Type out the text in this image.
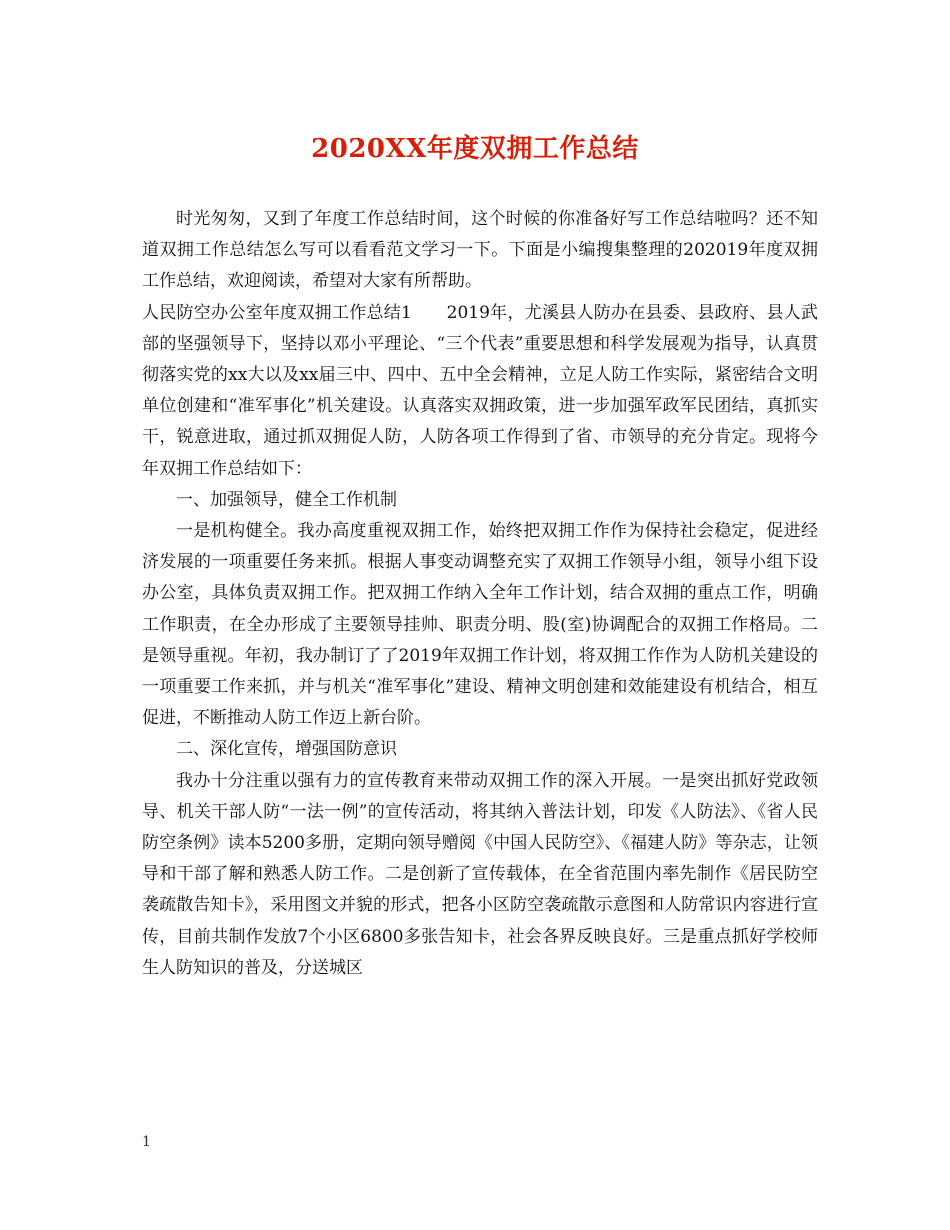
2020XX年度双拥工作总结

时光匆匆，又到了年度工作总结时间，这个时候的你准备好写工作总结啦吗？还不知道双拥工作总结怎么写可以看看范文学习一下。下面是小编搜集整理的202019年度双拥工作总结，欢迎阅读，希望对大家有所帮助。

人民防空办公室年度双拥工作总结1　　2019年，尤溪县人防办在县委、县政府、县人武部的坚强领导下，坚持以邓小平理论、“三个代表”重要思想和科学发展观为指导，认真贯彻落实党的xx大以及xx届三中、四中、五中全会精神，立足人防工作实际，紧密结合文明单位创建和“准军事化”机关建设。认真落实双拥政策，进一步加强军政军民团结，真抓实干，锐意进取，通过抓双拥促人防，人防各项工作得到了省、市领导的充分肯定。现将今年双拥工作总结如下：

一、加强领导，健全工作机制

一是机构健全。我办高度重视双拥工作，始终把双拥工作作为保持社会稳定，促进经济发展的一项重要任务来抓。根据人事变动调整充实了双拥工作领导小组，领导小组下设办公室，具体负责双拥工作。把双拥工作纳入全年工作计划，结合双拥的重点工作，明确工作职责，在全办形成了主要领导挂帅、职责分明、股(室)协调配合的双拥工作格局。二是领导重视。年初，我办制订了了2019年双拥工作计划，将双拥工作作为人防机关建设的一项重要工作来抓，并与机关“准军事化”建设、精神文明创建和效能建设有机结合，相互促进，不断推动人防工作迈上新台阶。

二、深化宣传，增强国防意识

我办十分注重以强有力的宣传教育来带动双拥工作的深入开展。一是突出抓好党政领导、机关干部人防“一法一例”的宣传活动，将其纳入普法计划，印发《人防法》、《省人民防空条例》读本5200多册，定期向领导赠阅《中国人民防空》、《福建人防》等杂志，让领导和干部了解和熟悉人防工作。二是创新了宣传载体，在全省范围内率先制作《居民防空袭疏散告知卡》，采用图文并貌的形式，把各小区防空袭疏散示意图和人防常识内容进行宣传，目前共制作发放7个小区6800多张告知卡，社会各界反映良好。三是重点抓好学校师生人防知识的普及，分送城区

1
